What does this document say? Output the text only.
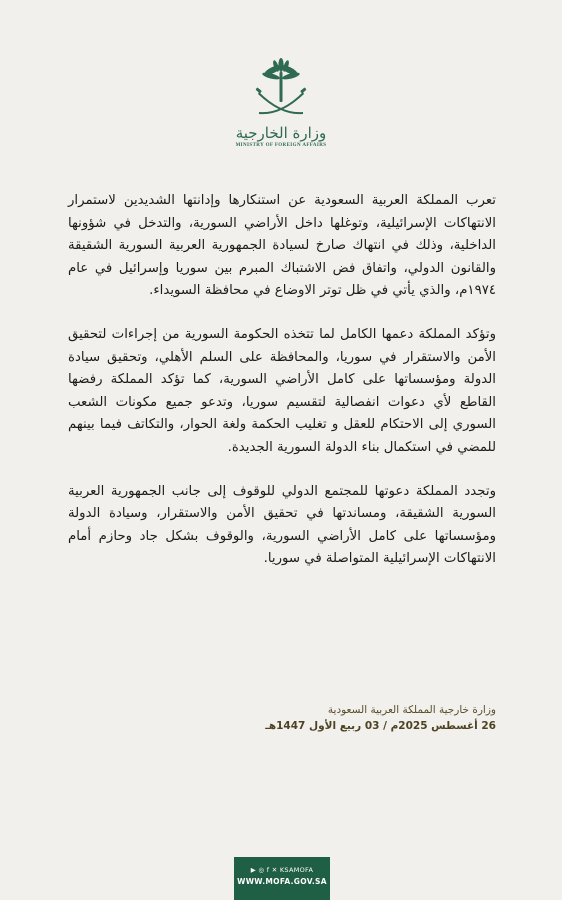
وزارة الخارجية
MINISTRY OF FOREIGN AFFAIRS

تعرب المملكة العربية السعودية عن استنكارها وإدانتها الشديدين لاستمرار الانتهاكات الإسرائيلية، وتوغلها داخل الأراضي السورية، والتدخل في شؤونها الداخلية، وذلك في انتهاك صارخ لسيادة الجمهورية العربية السورية الشقيقة والقانون الدولي، واتفاق فض الاشتباك المبرم بين سوريا وإسرائيل في عام ١٩٧٤م، والذي يأتي في ظل توتر الاوضاع في محافظة السويداء.

وتؤكد المملكة دعمها الكامل لما تتخذه الحكومة السورية من إجراءات لتحقيق الأمن والاستقرار في سوريا، والمحافظة على السلم الأهلي، وتحقيق سيادة الدولة ومؤسساتها على كامل الأراضي السورية، كما تؤكد المملكة رفضها القاطع لأي دعوات انفصالية لتقسيم سوريا، وتدعو جميع مكونات الشعب السوري إلى الاحتكام للعقل و تغليب الحكمة ولغة الحوار، والتكاتف فيما بينهم للمضي في استكمال بناء الدولة السورية الجديدة.

وتجدد المملكة دعوتها للمجتمع الدولي للوقوف إلى جانب الجمهورية العربية السورية الشقيقة، ومساندتها في تحقيق الأمن والاستقرار، وسيادة الدولة ومؤسساتها على كامل الأراضي السورية، والوقوف بشكل جاد وحازم أمام الانتهاكات الإسرائيلية المتواصلة في سوريا.

وزارة خارجية المملكة العربية السعودية
26 أغسطس 2025م / 03 ربيع الأول 1447هـ
▶ ◎ f ✕ KSAMOFA
WWW.MOFA.GOV.SA
